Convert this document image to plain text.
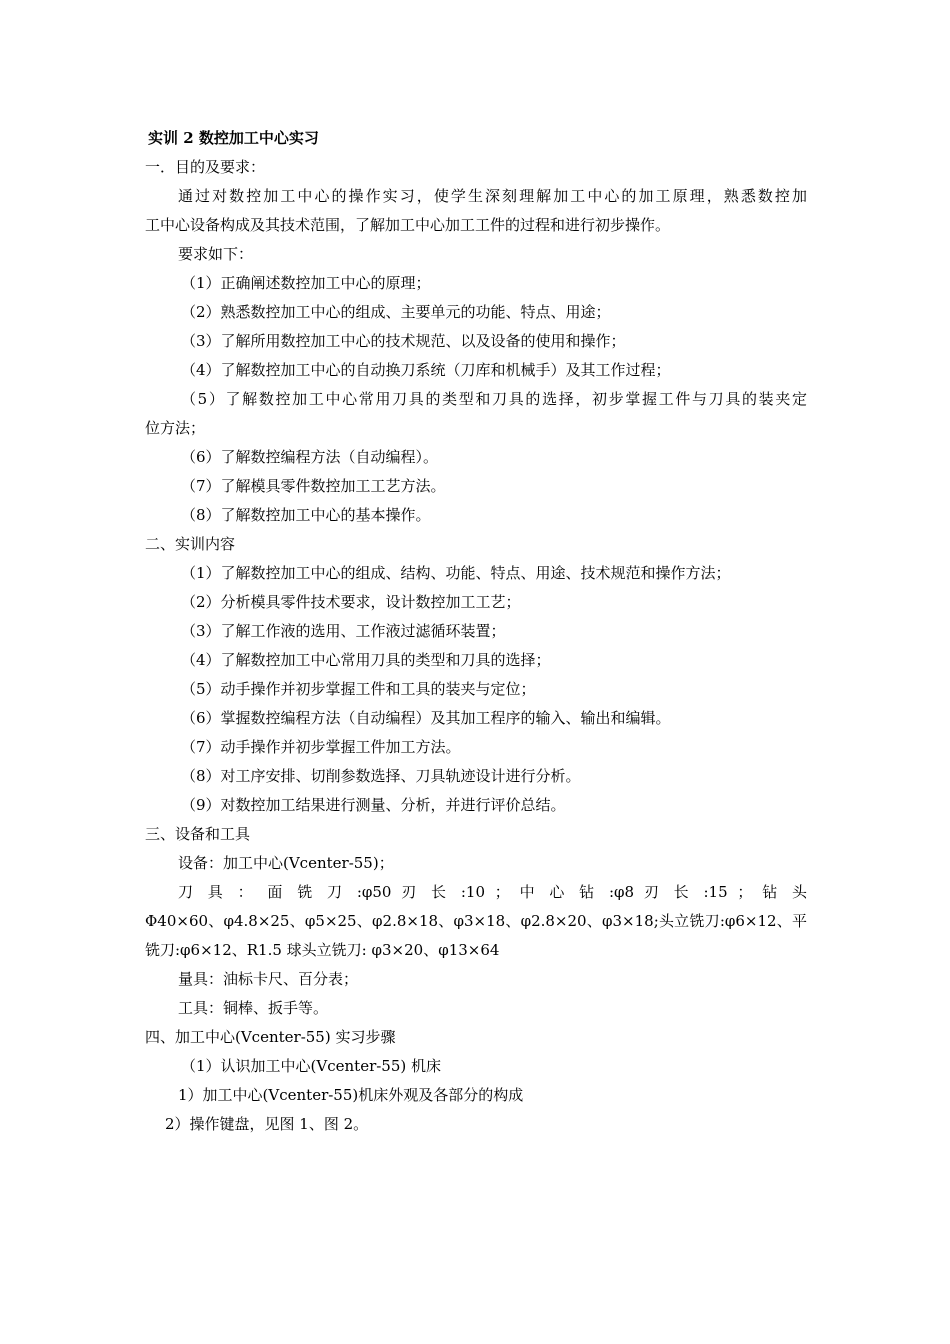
实训 2 数控加工中心实习
一．目的及要求：
通过对数控加工中心的操作实习，使学生深刻理解加工中心的加工原理，熟悉数控加
工中心设备构成及其技术范围，了解加工中心加工工件的过程和进行初步操作。
要求如下：
（1）正确阐述数控加工中心的原理；
（2）熟悉数控加工中心的组成、主要单元的功能、特点、用途；
（3）了解所用数控加工中心的技术规范、以及设备的使用和操作；
（4）了解数控加工中心的自动换刀系统（刀库和机械手）及其工作过程；
（5）了解数控加工中心常用刀具的类型和刀具的选择，初步掌握工件与刀具的装夹定
位方法；
（6）了解数控编程方法（自动编程）。
（7）了解模具零件数控加工工艺方法。
（8）了解数控加工中心的基本操作。
二、实训内容
（1）了解数控加工中心的组成、结构、功能、特点、用途、技术规范和操作方法；
（2）分析模具零件技术要求，设计数控加工工艺；
（3）了解工作液的选用、工作液过滤循环装置；
（4）了解数控加工中心常用刀具的类型和刀具的选择；
（5）动手操作并初步掌握工件和工具的装夹与定位；
（6）掌握数控编程方法（自动编程）及其加工程序的输入、输出和编辑。
（7）动手操作并初步掌握工件加工方法。
（8）对工序安排、切削参数选择、刀具轨迹设计进行分析。
（9）对数控加工结果进行测量、分析，并进行评价总结。
三、设备和工具
设备：加工中心(Vcenter-55)；
刀 具 ： 面 铣 刀 :φ50 刃 长 :10 ； 中 心 钻 :φ8 刃 长 :15 ； 钻 头
Φ40×60、φ4.8×25、φ5×25、φ2.8×18、φ3×18、φ2.8×20、φ3×18;头立铣刀:φ6×12、平
铣刀:φ6×12、R1.5 球头立铣刀: φ3×20、φ13×64
量具：油标卡尺、百分表；
工具：铜棒、扳手等。
四、加工中心(Vcenter-55) 实习步骤
（1）认识加工中心(Vcenter-55) 机床
1）加工中心(Vcenter-55)机床外观及各部分的构成
2）操作键盘，见图 1、图 2。
